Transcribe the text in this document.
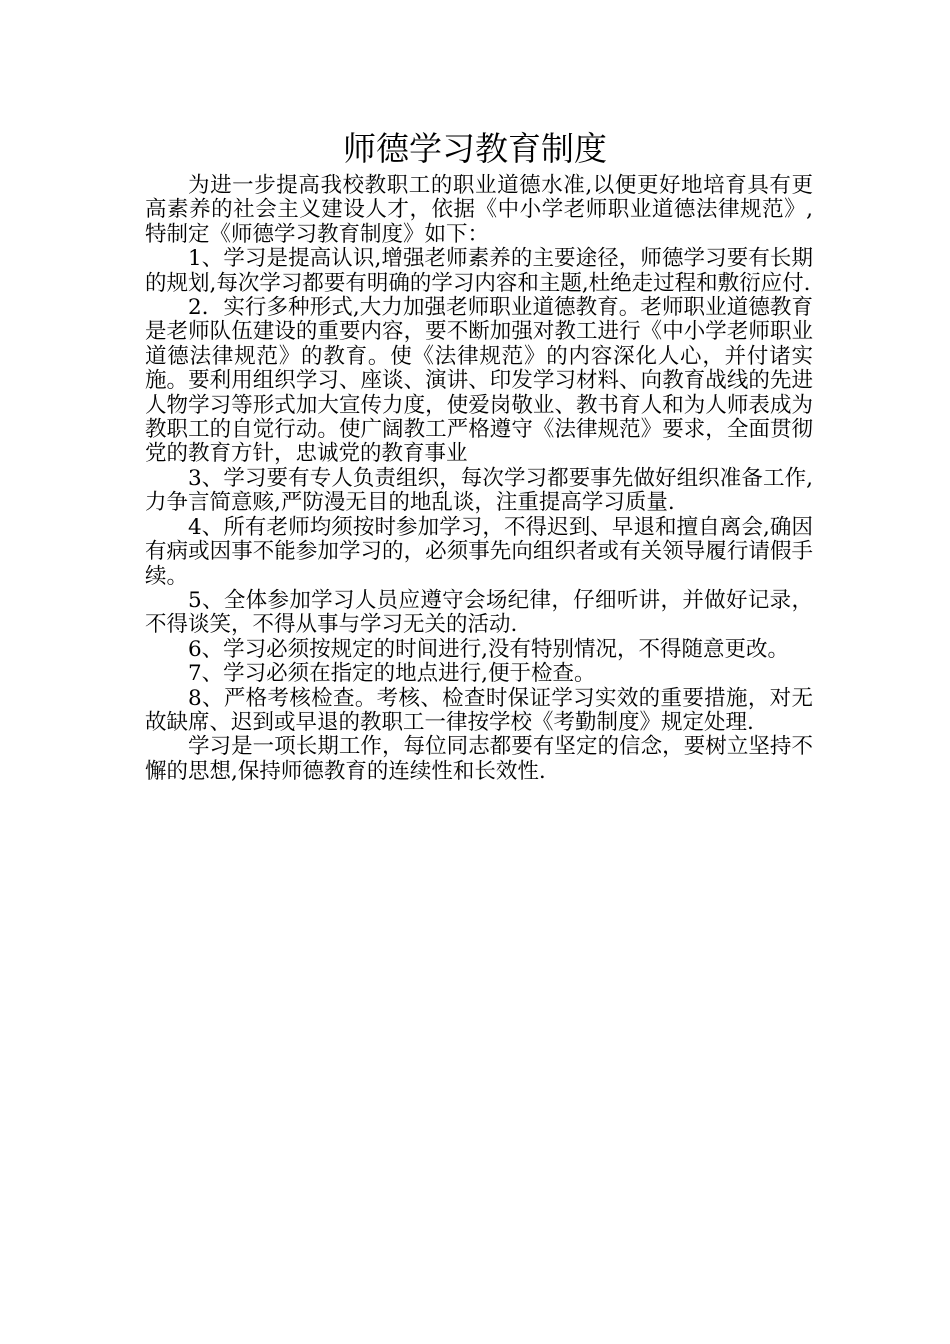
师德学习教育制度

为进一步提高我校教职工的职业道德水准,以便更好地培育具有更高素养的社会主义建设人才，依据《中小学老师职业道德法律规范》,特制定《师德学习教育制度》如下：

1、学习是提高认识,增强老师素养的主要途径，师德学习要有长期的规划,每次学习都要有明确的学习内容和主题,杜绝走过程和敷衍应付.

2．实行多种形式,大力加强老师职业道德教育。老师职业道德教育是老师队伍建设的重要内容，要不断加强对教工进行《中小学老师职业道德法律规范》的教育。使《法律规范》的内容深化人心，并付诸实施。要利用组织学习、座谈、演讲、印发学习材料、向教育战线的先进人物学习等形式加大宣传力度，使爱岗敬业、教书育人和为人师表成为教职工的自觉行动。使广阔教工严格遵守《法律规范》要求，全面贯彻党的教育方针，忠诚党的教育事业

3、学习要有专人负责组织，每次学习都要事先做好组织准备工作,力争言简意赅,严防漫无目的地乱谈，注重提高学习质量.

4、所有老师均须按时参加学习，不得迟到、早退和擅自离会,确因有病或因事不能参加学习的，必须事先向组织者或有关领导履行请假手续。

5、全体参加学习人员应遵守会场纪律，仔细听讲，并做好记录，不得谈笑，不得从事与学习无关的活动.

6、学习必须按规定的时间进行,没有特别情况，不得随意更改。

7、学习必须在指定的地点进行,便于检查。

8、严格考核检查。考核、检查时保证学习实效的重要措施，对无故缺席、迟到或早退的教职工一律按学校《考勤制度》规定处理.

学习是一项长期工作，每位同志都要有坚定的信念，要树立坚持不懈的思想,保持师德教育的连续性和长效性.
